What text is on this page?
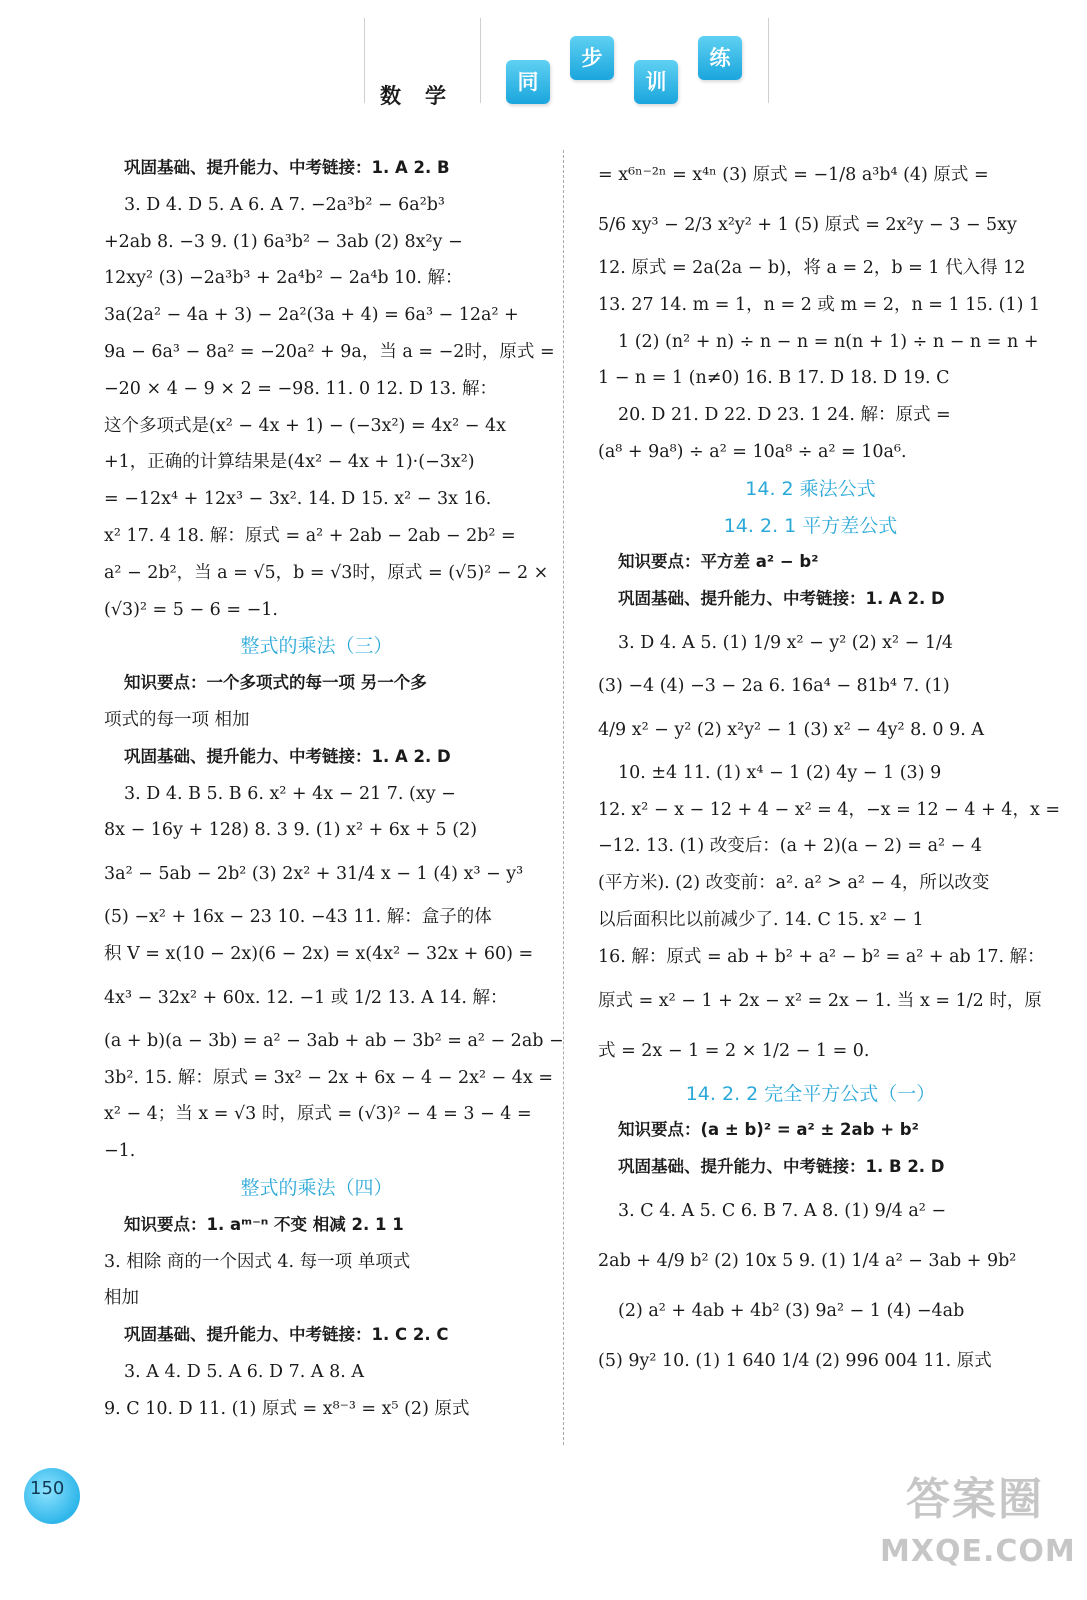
数学
同
步
训
练
巩固基础、提升能力、中考链接：1. A 2. B
3. D 4. D 5. A 6. A 7. −2a³b² − 6a²b³
+2ab 8. −3 9. (1) 6a³b² − 3ab (2) 8x²y −
12xy² (3) −2a³b³ + 2a⁴b² − 2a⁴b 10. 解：
3a(2a² − 4a + 3) − 2a²(3a + 4) = 6a³ − 12a² +
9a − 6a³ − 8a² = −20a² + 9a，当 a = −2时，原式 =
−20 × 4 − 9 × 2 = −98. 11. 0 12. D 13. 解：
这个多项式是(x² − 4x + 1) − (−3x²) = 4x² − 4x
+1，正确的计算结果是(4x² − 4x + 1)·(−3x²)
= −12x⁴ + 12x³ − 3x². 14. D 15. x² − 3x 16.
x² 17. 4 18. 解：原式 = a² + 2ab − 2ab − 2b² =
a² − 2b²，当 a = √5，b = √3时，原式 = (√5)² − 2 ×
(√3)² = 5 − 6 = −1.
整式的乘法（三）
知识要点：一个多项式的每一项 另一个多
项式的每一项 相加
巩固基础、提升能力、中考链接：1. A 2. D
3. D 4. B 5. B 6. x² + 4x − 21 7. (xy −
8x − 16y + 128) 8. 3 9. (1) x² + 6x + 5 (2)
3a² − 5ab − 2b² (3) 2x² + 31/4 x − 1 (4) x³ − y³
(5) −x² + 16x − 23 10. −43 11. 解：盒子的体
积 V = x(10 − 2x)(6 − 2x) = x(4x² − 32x + 60) =
4x³ − 32x² + 60x. 12. −1 或 1/2 13. A 14. 解：
(a + b)(a − 3b) = a² − 3ab + ab − 3b² = a² − 2ab −
3b². 15. 解：原式 = 3x² − 2x + 6x − 4 − 2x² − 4x =
x² − 4；当 x = √3 时，原式 = (√3)² − 4 = 3 − 4 =
−1.
整式的乘法（四）
知识要点：1. aᵐ⁻ⁿ 不变 相减 2. 1 1
3. 相除 商的一个因式 4. 每一项 单项式
相加
巩固基础、提升能力、中考链接：1. C 2. C
3. A 4. D 5. A 6. D 7. A 8. A
9. C 10. D 11. (1) 原式 = x⁸⁻³ = x⁵ (2) 原式
= x⁶ⁿ⁻²ⁿ = x⁴ⁿ (3) 原式 = −1/8 a³b⁴ (4) 原式 =
5/6 xy³ − 2/3 x²y² + 1 (5) 原式 = 2x²y − 3 − 5xy
12. 原式 = 2a(2a − b)，将 a = 2，b = 1 代入得 12
13. 27 14. m = 1，n = 2 或 m = 2，n = 1 15. (1) 1
1 (2) (n² + n) ÷ n − n = n(n + 1) ÷ n − n = n +
1 − n = 1 (n≠0) 16. B 17. D 18. D 19. C
20. D 21. D 22. D 23. 1 24. 解：原式 =
(a⁸ + 9a⁸) ÷ a² = 10a⁸ ÷ a² = 10a⁶.
14. 2 乘法公式
14. 2. 1 平方差公式
知识要点：平方差 a² − b²
巩固基础、提升能力、中考链接：1. A 2. D
3. D 4. A 5. (1) 1/9 x² − y² (2) x² − 1/4
(3) −4 (4) −3 − 2a 6. 16a⁴ − 81b⁴ 7. (1)
4/9 x² − y² (2) x²y² − 1 (3) x² − 4y² 8. 0 9. A
10. ±4 11. (1) x⁴ − 1 (2) 4y − 1 (3) 9
12. x² − x − 12 + 4 − x² = 4，−x = 12 − 4 + 4，x =
−12. 13. (1) 改变后：(a + 2)(a − 2) = a² − 4
(平方米). (2) 改变前：a². a² > a² − 4，所以改变
以后面积比以前减少了. 14. C 15. x² − 1
16. 解：原式 = ab + b² + a² − b² = a² + ab 17. 解：
原式 = x² − 1 + 2x − x² = 2x − 1. 当 x = 1/2 时，原
式 = 2x − 1 = 2 × 1/2 − 1 = 0.
14. 2. 2 完全平方公式（一）
知识要点：(a ± b)² = a² ± 2ab + b²
巩固基础、提升能力、中考链接：1. B 2. D
3. C 4. A 5. C 6. B 7. A 8. (1) 9/4 a² −
2ab + 4/9 b² (2) 10x 5 9. (1) 1/4 a² − 3ab + 9b²
(2) a² + 4ab + 4b² (3) 9a² − 1 (4) −4ab
(5) 9y² 10. (1) 1 640 1/4 (2) 996 004 11. 原式
150	答案圈
MXQE.COM
